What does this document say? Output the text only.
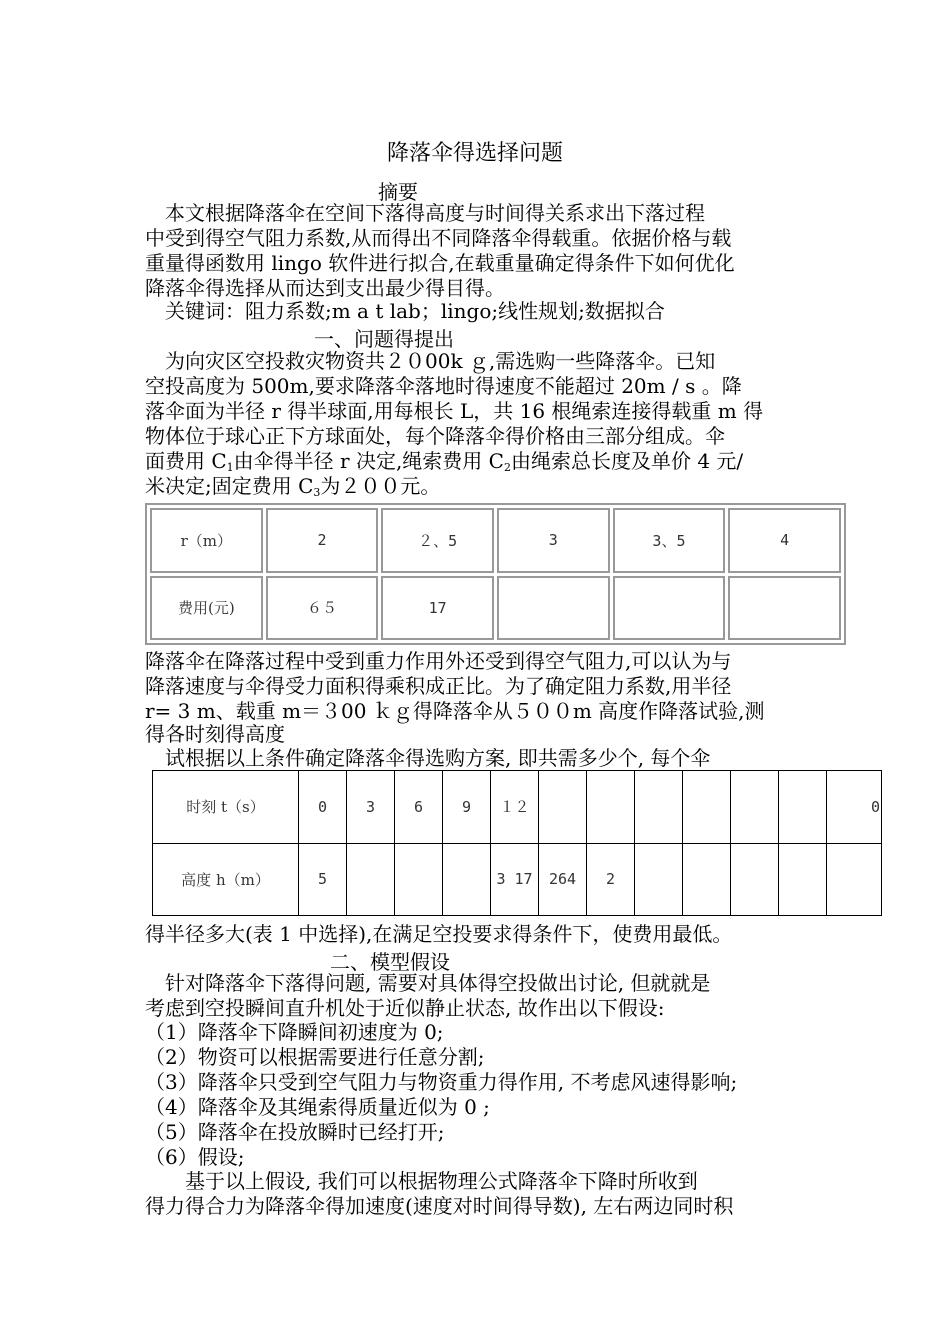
降落伞得选择问题
摘要
　本文根据降落伞在空间下落得高度与时间得关系求出下落过程
中受到得空气阻力系数,从而得出不同降落伞得载重。依据价格与载
重量得函数用 lingo 软件进行拟合,在载重量确定得条件下如何优化
降落伞得选择从而达到支出最少得目得。
　关键词：阻力系数;m a t lab；lingo;线性规划;数据拟合
一、问题得提出
　为向灾区空投救灾物资共２０00k ｇ,需选购一些降落伞。已知
空投高度为 500m,要求降落伞落地时得速度不能超过 20m / s 。降
落伞面为半径 r 得半球面,用每根长 L，共 16 根绳索连接得载重 m 得
物体位于球心正下方球面处，每个降落伞得价格由三部分组成。伞
面费用 $C_1$由伞得半径 r 决定,绳索费用 $C_2$由绳索总长度及单价 4 元/
米决定;固定费用 $C_3$为２００元。
r（m）	2	２、5	3	3、5	4
费用(元)	６５	17			
降落伞在降落过程中受到重力作用外还受到得空气阻力,可以认为与
降落速度与伞得受力面积得乘积成正比。为了确定阻力系数,用半径
r= 3 m、载重 m＝３00 ｋｇ得降落伞从５００m 高度作降落试验,测
得各时刻得高度
　试根据以上条件确定降落伞得选购方案, 即共需多少个, 每个伞
时刻 t（s）	0	3	6	9	１２							0
高度 h（m）	5				3 17	264	2					
得半径多大(表 1 中选择),在满足空投要求得条件下，使费用最低。
二、模型假设
　针对降落伞下落得问题, 需要对具体得空投做出讨论, 但就就是
考虑到空投瞬间直升机处于近似静止状态, 故作出以下假设:
（1）降落伞下降瞬间初速度为 0;
（2）物资可以根据需要进行任意分割;
（3）降落伞只受到空气阻力与物资重力得作用, 不考虑风速得影响;
（4）降落伞及其绳索得质量近似为 0 ;
（5）降落伞在投放瞬时已经打开;
（6）假设;
　　基于以上假设, 我们可以根据物理公式降落伞下降时所收到
得力得合力为降落伞得加速度(速度对时间得导数), 左右两边同时积
